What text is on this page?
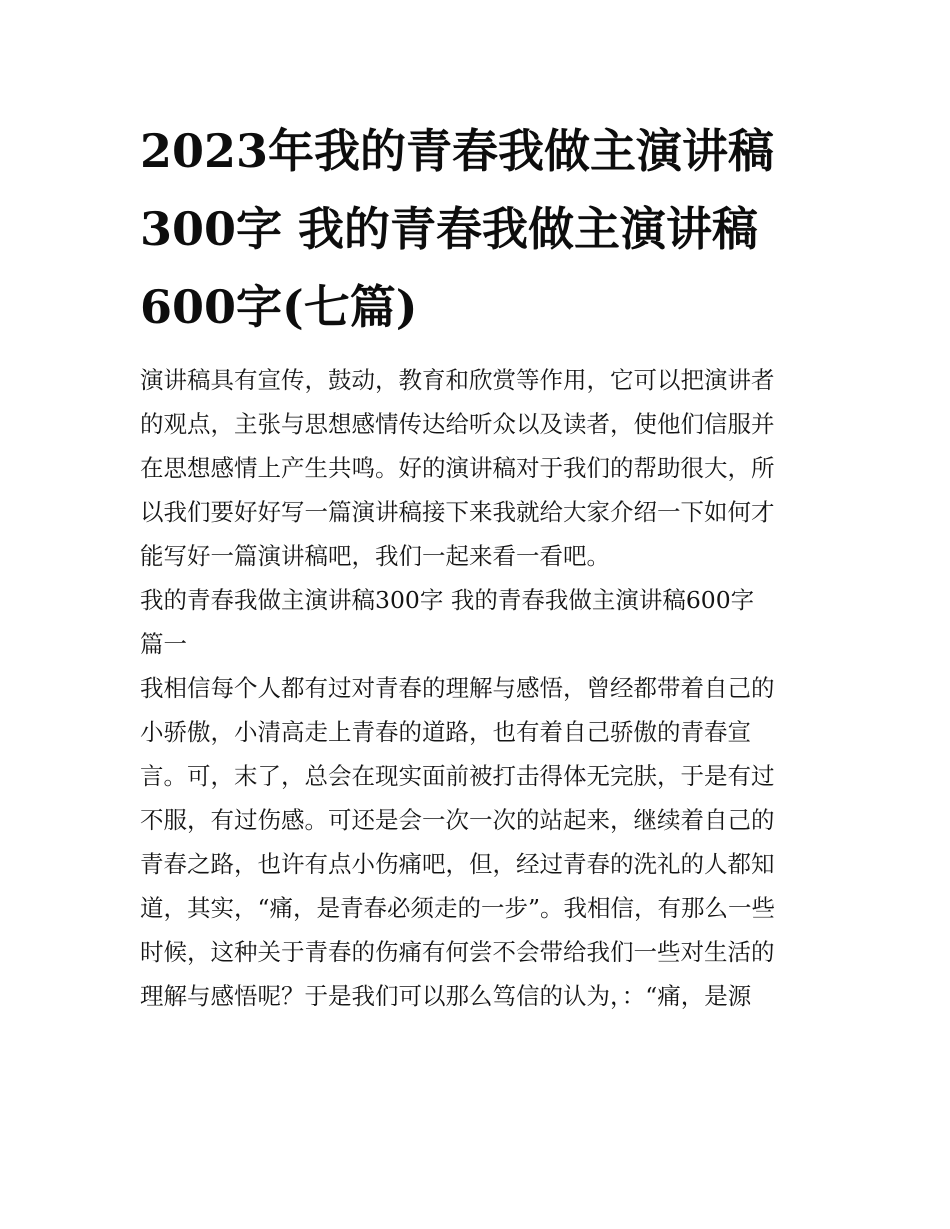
2023年我的青春我做主演讲稿
300字 我的青春我做主演讲稿
600字(七篇)

演讲稿具有宣传，鼓动，教育和欣赏等作用，它可以把演讲者
的观点，主张与思想感情传达给听众以及读者，使他们信服并
在思想感情上产生共鸣。好的演讲稿对于我们的帮助很大，所
以我们要好好写一篇演讲稿接下来我就给大家介绍一下如何才
能写好一篇演讲稿吧，我们一起来看一看吧。

我的青春我做主演讲稿300字 我的青春我做主演讲稿600字
篇一

我相信每个人都有过对青春的理解与感悟，曾经都带着自己的
小骄傲，小清高走上青春的道路，也有着自己骄傲的青春宣
言。可，末了，总会在现实面前被打击得体无完肤，于是有过
不服，有过伤感。可还是会一次一次的站起来，继续着自己的
青春之路，也许有点小伤痛吧，但，经过青春的洗礼的人都知
道，其实，“痛，是青春必须走的一步”。我相信，有那么一些
时候，这种关于青春的伤痛有何尝不会带给我们一些对生活的
理解与感悟呢？于是我们可以那么笃信的认为，：“痛，是源
